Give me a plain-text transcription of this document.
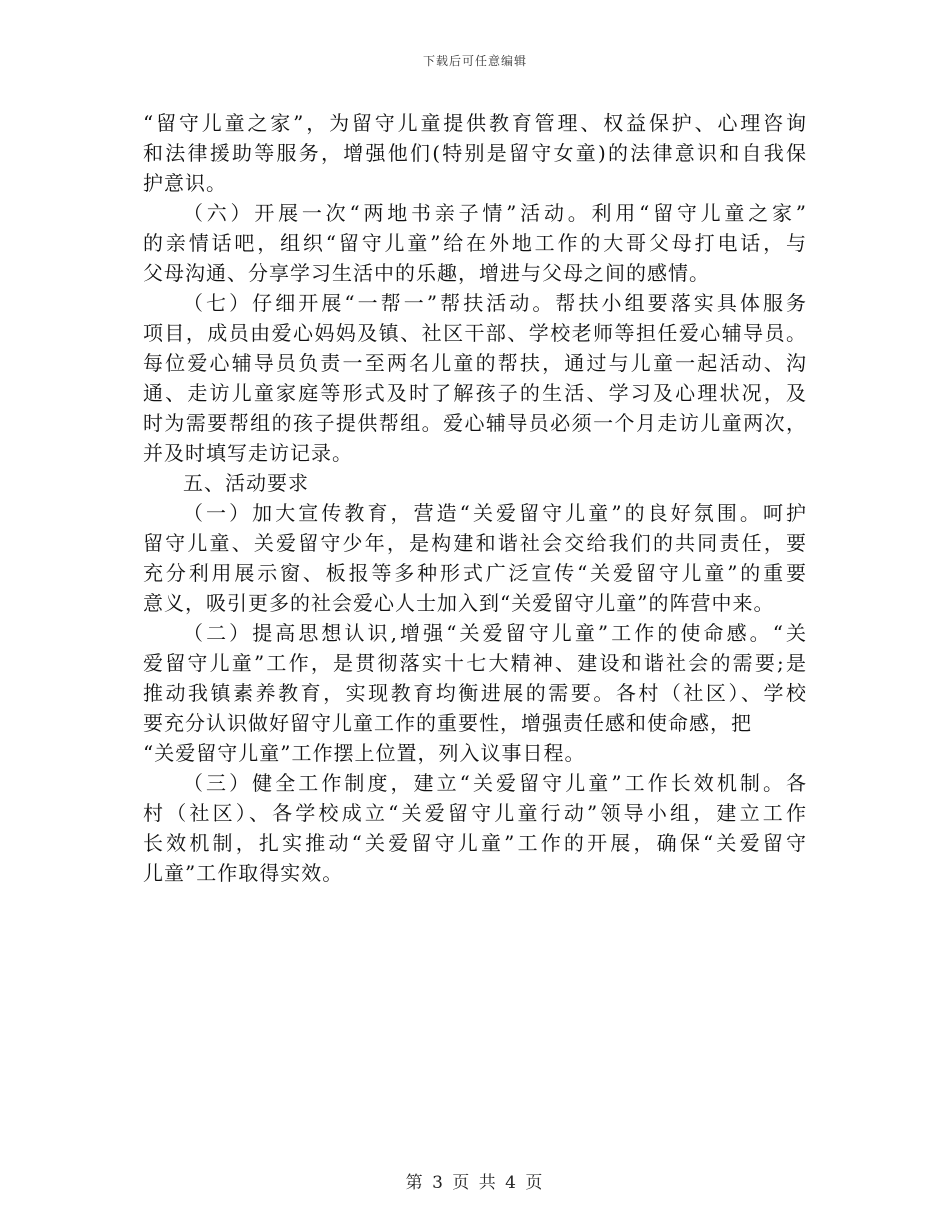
下载后可任意编辑
“留守儿童之家”，为留守儿童提供教育管理、权益保护、心理咨询
和法律援助等服务，增强他们(特别是留守女童)的法律意识和自我保
护意识。
（六）开展一次“两地书亲子情”活动。利用“留守儿童之家”
的亲情话吧，组织“留守儿童”给在外地工作的大哥父母打电话，与
父母沟通、分享学习生活中的乐趣，增进与父母之间的感情。
（七）仔细开展“一帮一”帮扶活动。帮扶小组要落实具体服务
项目，成员由爱心妈妈及镇、社区干部、学校老师等担任爱心辅导员。
每位爱心辅导员负责一至两名儿童的帮扶，通过与儿童一起活动、沟
通、走访儿童家庭等形式及时了解孩子的生活、学习及心理状况，及
时为需要帮组的孩子提供帮组。爱心辅导员必须一个月走访儿童两次，
并及时填写走访记录。
五、活动要求
（一）加大宣传教育，营造“关爱留守儿童”的良好氛围。呵护
留守儿童、关爱留守少年，是构建和谐社会交给我们的共同责任，要
充分利用展示窗、板报等多种形式广泛宣传“关爱留守儿童”的重要
意义，吸引更多的社会爱心人士加入到“关爱留守儿童”的阵营中来。
（二）提高思想认识,增强“关爱留守儿童”工作的使命感。“关
爱留守儿童”工作，是贯彻落实十七大精神、建设和谐社会的需要;是
推动我镇素养教育，实现教育均衡进展的需要。各村（社区）、学校
要充分认识做好留守儿童工作的重要性，增强责任感和使命感，把
“关爱留守儿童”工作摆上位置，列入议事日程。
（三）健全工作制度，建立“关爱留守儿童”工作长效机制。各
村（社区）、各学校成立“关爱留守儿童行动”领导小组，建立工作
长效机制，扎实推动“关爱留守儿童”工作的开展，确保“关爱留守
儿童”工作取得实效。
第 3 页 共 4 页
